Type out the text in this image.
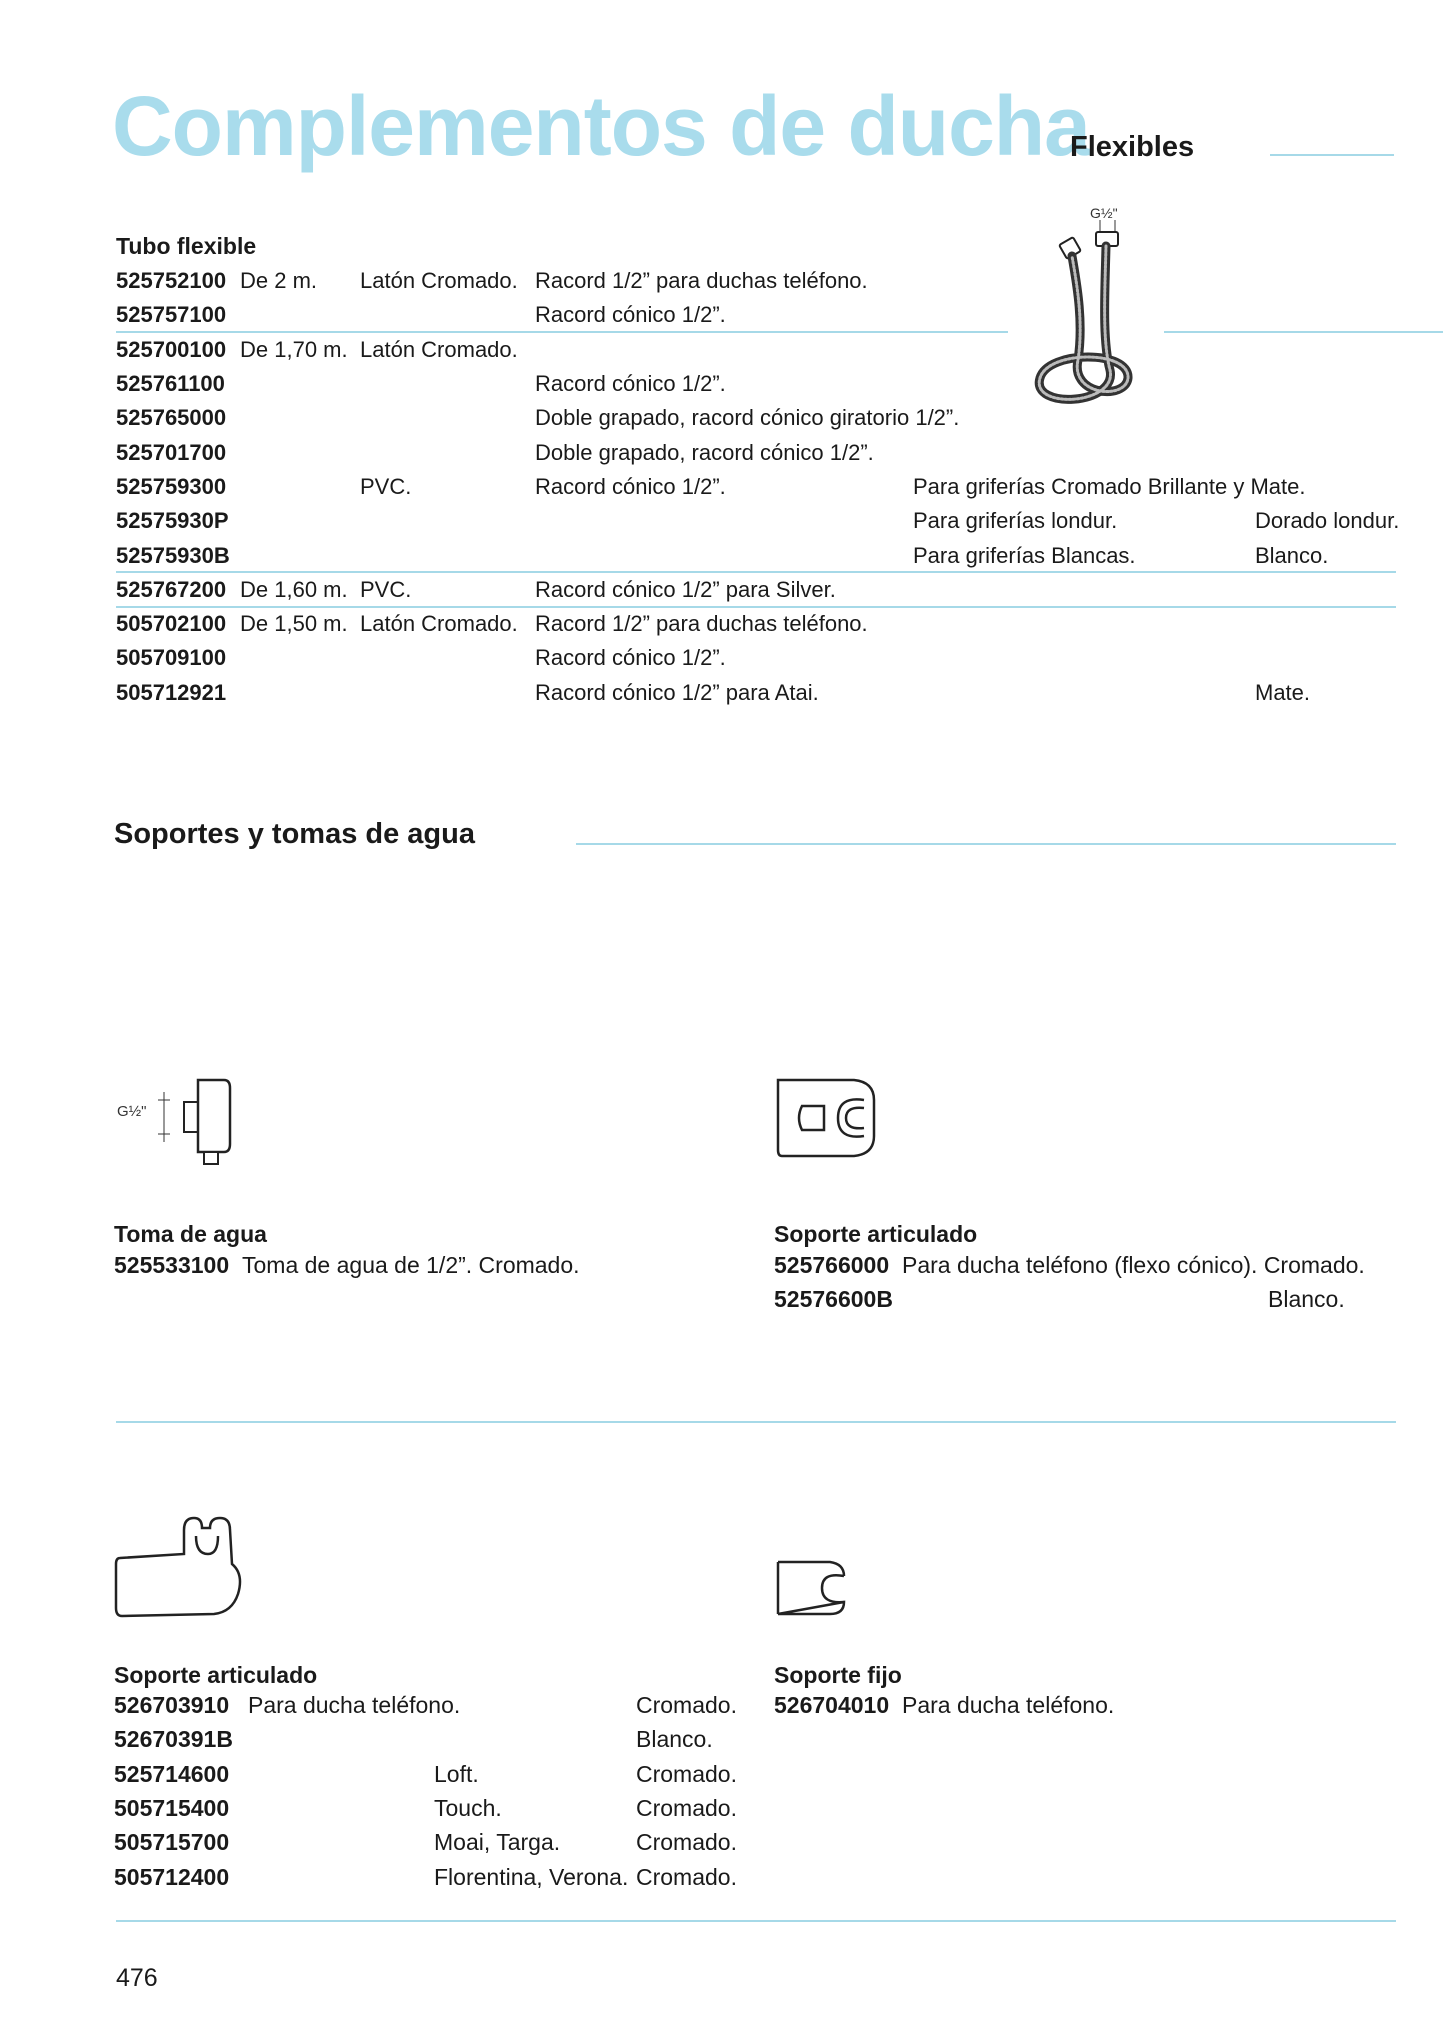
Complementos de ducha
Flexibles
G½"
Tubo flexible
525752100 De 2 m. Latón Cromado. Racord 1/2” para duchas teléfono.
525757100	Racord cónico 1/2”.
525700100 De 1,70 m. Latón Cromado.
525761100	Racord cónico 1/2”.
525765000	Doble grapado, racord cónico giratorio 1/2”.
525701700	Doble grapado, racord cónico 1/2”.
525759300	PVC.	Racord cónico 1/2”.	Para griferías Cromado Brillante y Mate.
52575930P	Para griferías londur.	Dorado londur.
52575930B	Para griferías Blancas.	Blanco.
525767200 De 1,60 m. PVC.	Racord cónico 1/2” para Silver.
505702100 De 1,50 m. Latón Cromado. Racord 1/2” para duchas teléfono.
505709100	Racord cónico 1/2”.
505712921	Racord cónico 1/2” para Atai.	Mate.
Soportes y tomas de agua
G½"
Toma de agua
525533100 Toma de agua de 1/2”. Cromado.
Soporte articulado
525766000 Para ducha teléfono (flexo cónico). Cromado.
52576600B	Blanco.
Soporte articulado
526703910 Para ducha teléfono.	Cromado.
52670391B	Blanco.
525714600	Loft.	Cromado.
505715400	Touch.	Cromado.
505715700	Moai, Targa.	Cromado.
505712400	Florentina, Verona. Cromado.
Soporte fijo
526704010 Para ducha teléfono.
476
